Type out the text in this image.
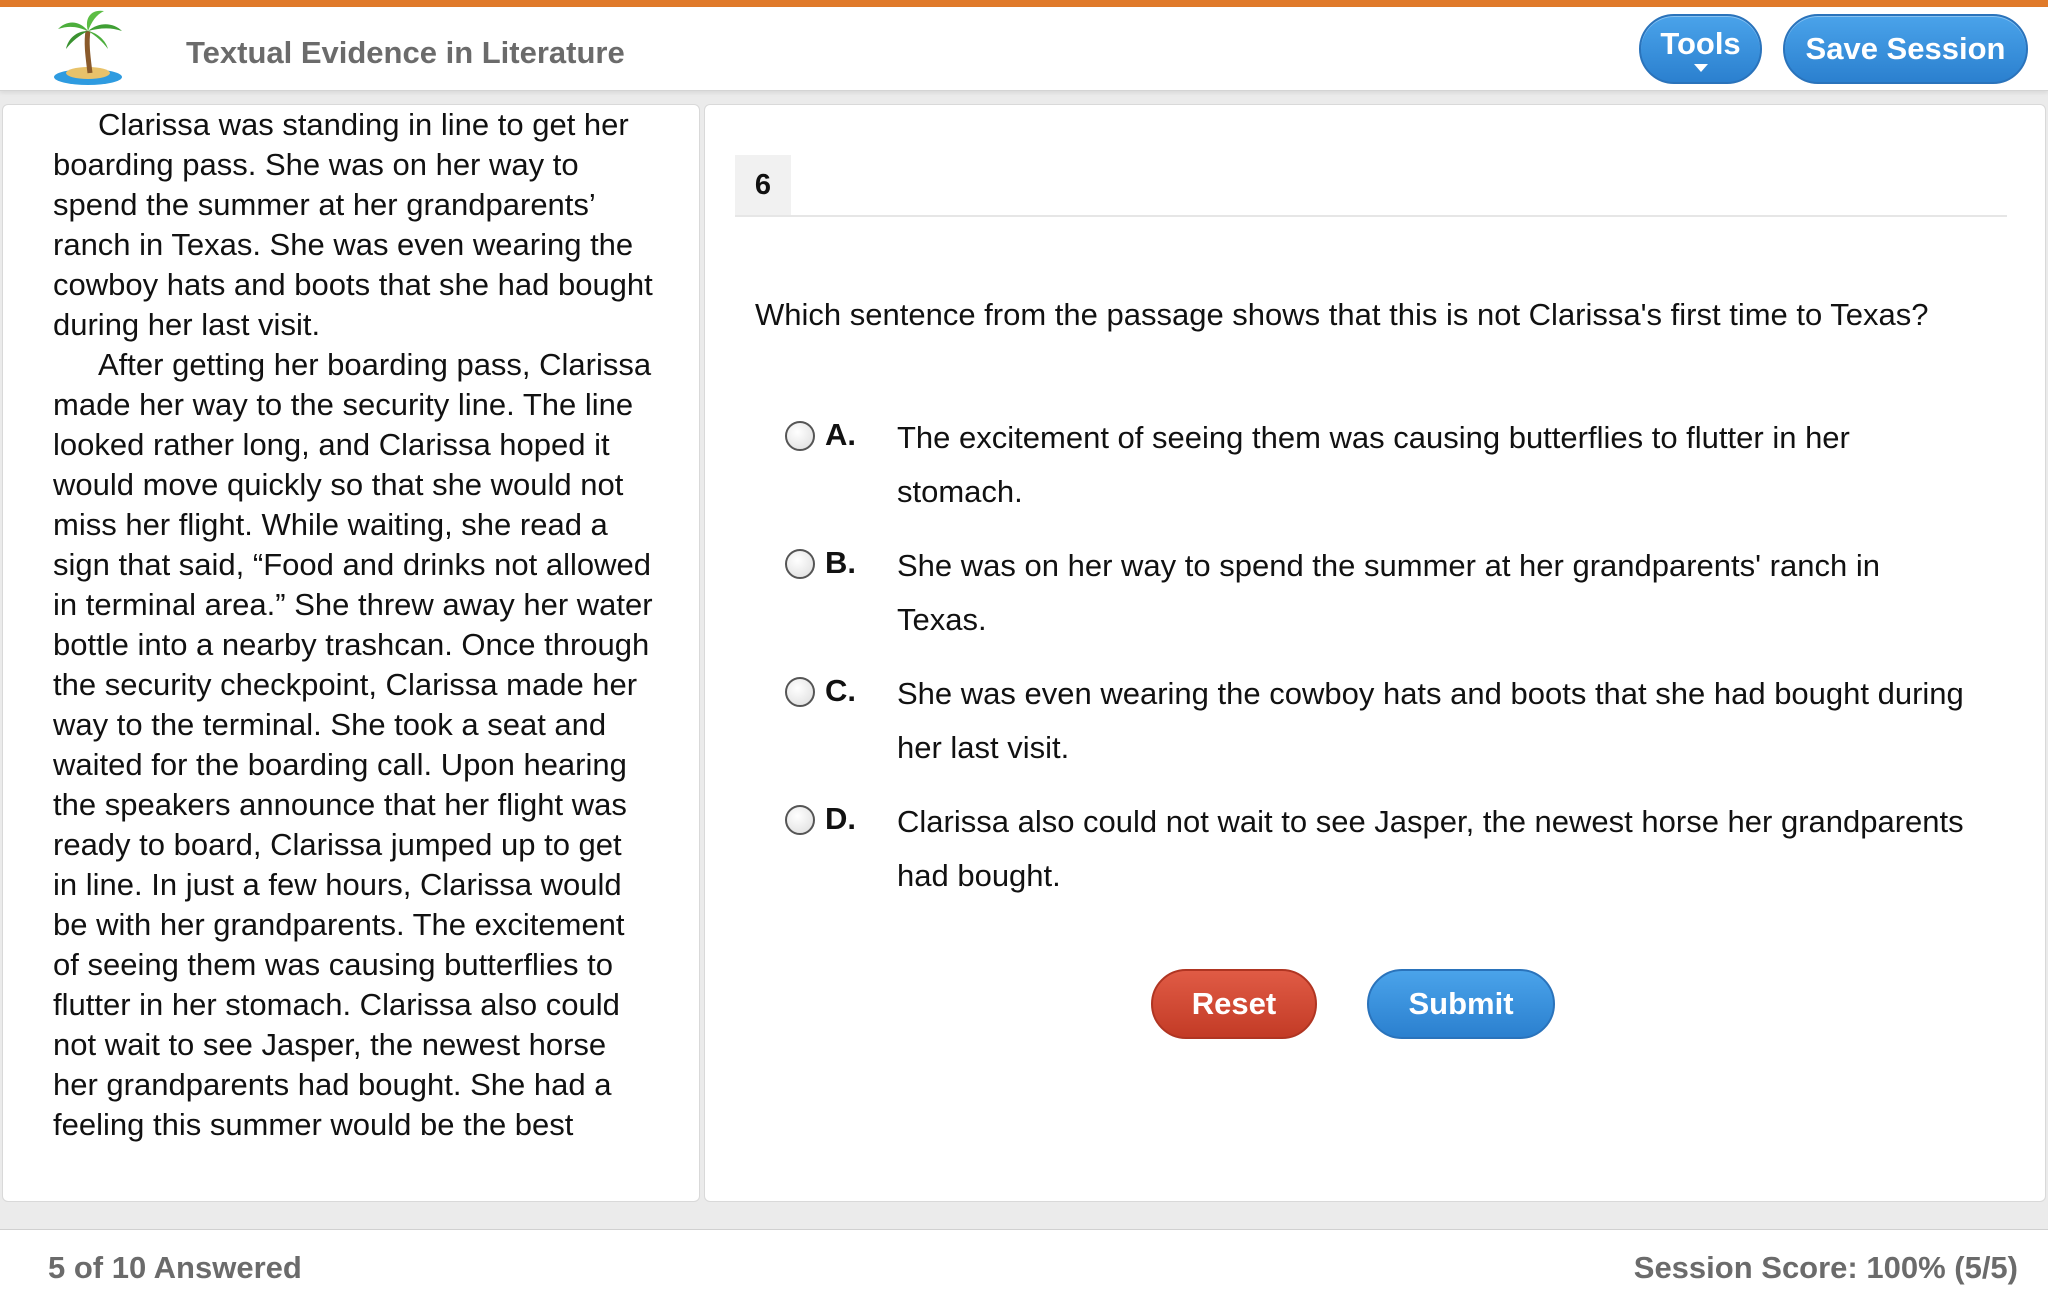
Textual Evidence in Literature	Tools	Save Session

Clarissa was standing in line to get her boarding pass. She was on her way to spend the summer at her grandparents’ ranch in Texas. She was even wearing the cowboy hats and boots that she had bought during her last visit.

After getting her boarding pass, Clarissa made her way to the security line. The line looked rather long, and Clarissa hoped it would move quickly so that she would not miss her flight. While waiting, she read a sign that said, “Food and drinks not allowed in terminal area.” She threw away her water bottle into a nearby trashcan. Once through the security checkpoint, Clarissa made her way to the terminal. She took a seat and waited for the boarding call. Upon hearing the speakers announce that her flight was ready to board, Clarissa jumped up to get in line. In just a few hours, Clarissa would be with her grandparents. The excitement of seeing them was causing butterflies to flutter in her stomach. Clarissa also could not wait to see Jasper, the newest horse her grandparents had bought. She had a feeling this summer would be the best

6
Which sentence from the passage shows that this is not Clarissa's first time to Texas?
A. The excitement of seeing them was causing butterflies to flutter in her stomach.
B. She was on her way to spend the summer at her grandparents' ranch in Texas.
C. She was even wearing the cowboy hats and boots that she had bought during her last visit.
D. Clarissa also could not wait to see Jasper, the newest horse her grandparents had bought.
Reset	Submit
5 of 10 Answered	Session Score: 100% (5/5)
